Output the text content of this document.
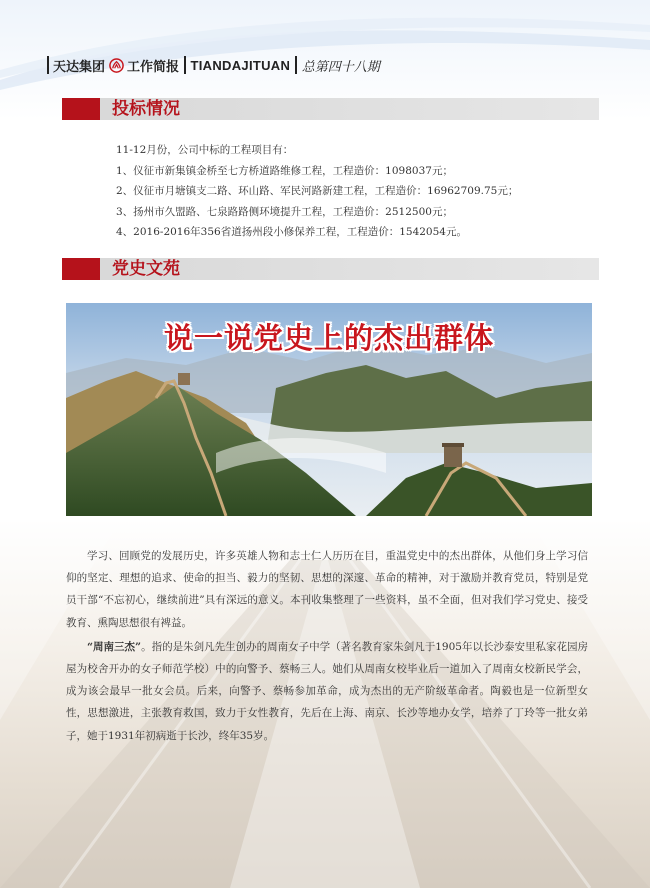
天达集团 工作简报 TIANDAJITUAN 总第四十八期
投标情况

11-12月份，公司中标的工程项目有：

1、仪征市新集镇金桥至七方桥道路维修工程，工程造价：1098037元；

2、仪征市月塘镇支二路、环山路、军民河路新建工程，工程造价：16962709.75元；

3、扬州市久盟路、七泉路路侧环境提升工程，工程造价：2512500元；

4、2016-2016年356省道扬州段小修保养工程，工程造价：1542054元。

党史文苑
说一说党史上的杰出群体

学习、回顾党的发展历史，许多英雄人物和志士仁人历历在目，重温党史中的杰出群体，从他们身上学习信仰的坚定、理想的追求、使命的担当、毅力的坚韧、思想的深邃、革命的精神，对于激励并教育党员，特别是党员干部“不忘初心，继续前进”具有深远的意义。本刊收集整理了一些资料，虽不全面，但对我们学习党史、接受教育、熏陶思想很有裨益。

“周南三杰”。指的是朱剑凡先生创办的周南女子中学（著名教育家朱剑凡于1905年以长沙泰安里私家花园房屋为校舍开办的女子师范学校）中的向警予、蔡畅三人。她们从周南女校毕业后一道加入了周南女校新民学会，成为该会最早一批女会员。后来，向警予、蔡畅参加革命，成为杰出的无产阶级革命者。陶毅也是一位新型女性，思想激进，主张教育救国，致力于女性教育，先后在上海、南京、长沙等地办女学，培养了丁玲等一批女弟子，她于1931年初病逝于长沙，终年35岁。
